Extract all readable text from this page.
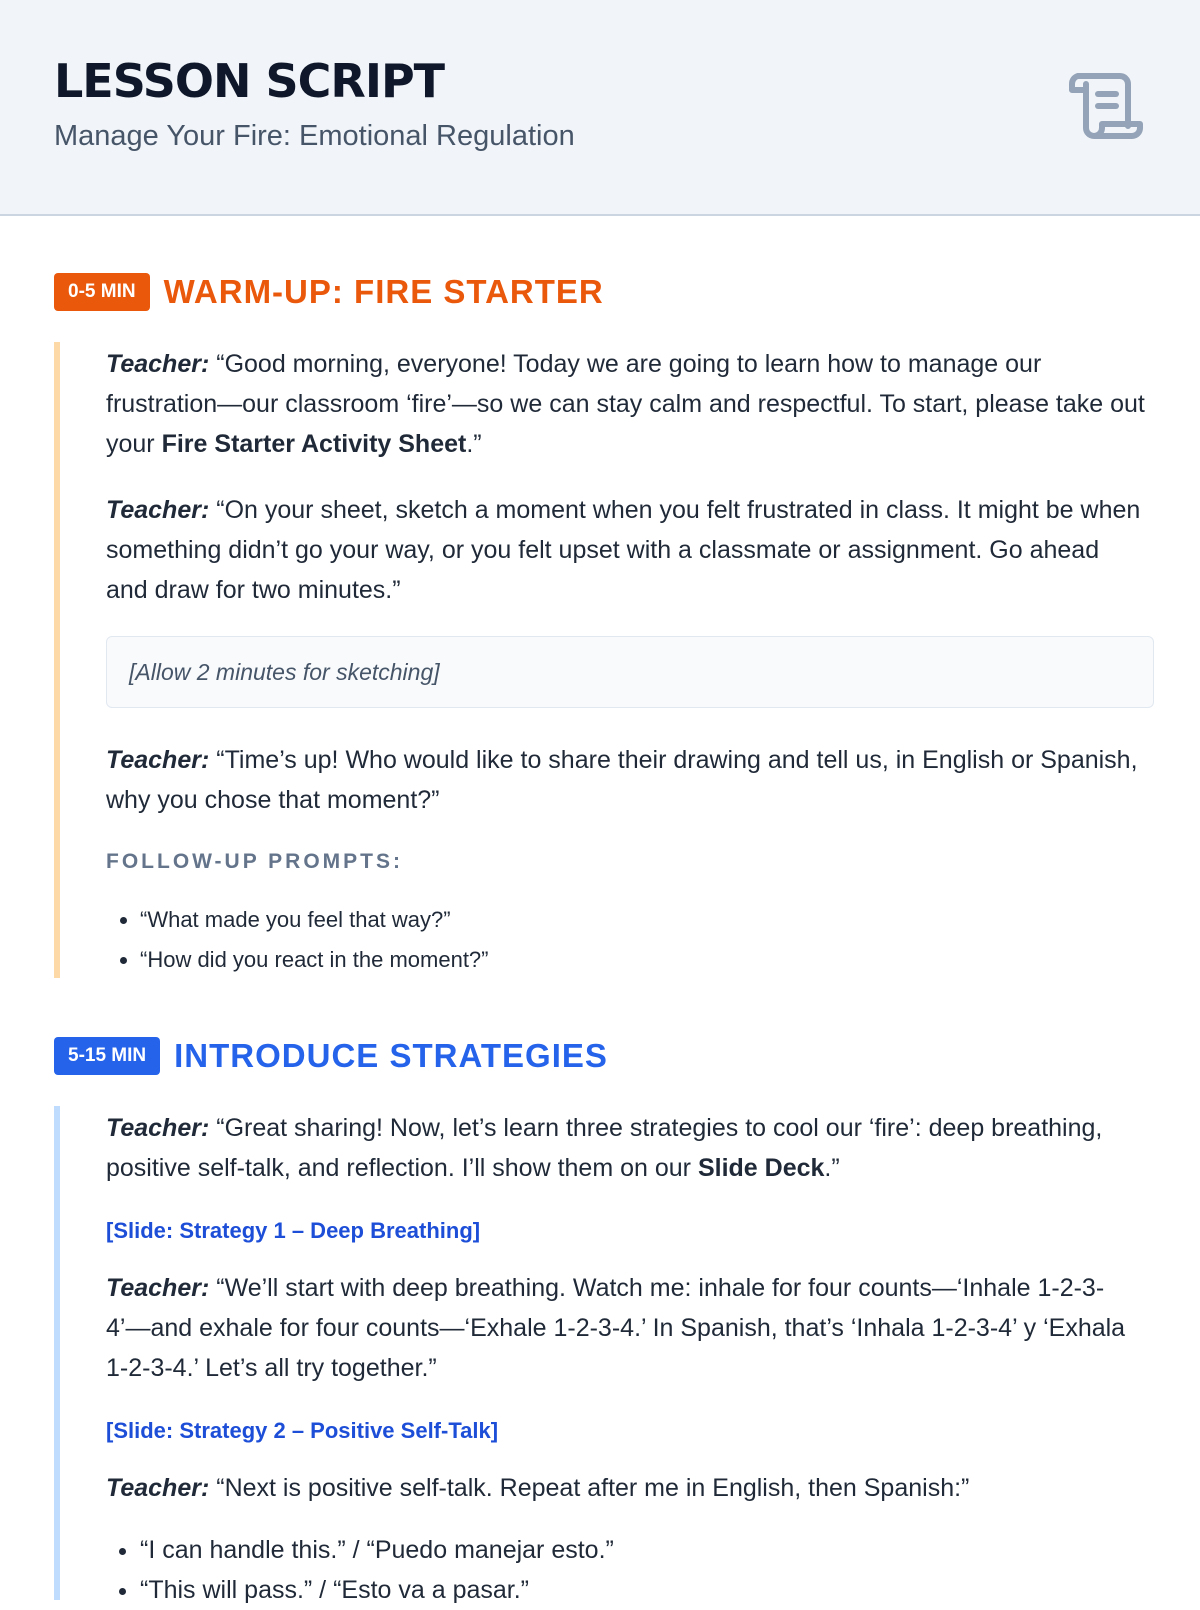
LESSON SCRIPT
Manage Your Fire: Emotional Regulation
0-5 MIN WARM-UP: FIRE STARTER

Teacher: “Good morning, everyone! Today we are going to learn how to manage our frustration—our classroom ‘fire’—so we can stay calm and respectful. To start, please take out your Fire Starter Activity Sheet.”

Teacher: “On your sheet, sketch a moment when you felt frustrated in class. It might be when something didn’t go your way, or you felt upset with a classmate or assignment. Go ahead and draw for two minutes.”

[Allow 2 minutes for sketching]

Teacher: “Time’s up! Who would like to share their drawing and tell us, in English or Spanish, why you chose that moment?”

FOLLOW-UP PROMPTS:
• “What made you feel that way?”
• “How did you react in the moment?”
5-15 MIN INTRODUCE STRATEGIES

Teacher: “Great sharing! Now, let’s learn three strategies to cool our ‘fire’: deep breathing, positive self-talk, and reflection. I’ll show them on our Slide Deck.”

[Slide: Strategy 1 – Deep Breathing]

Teacher: “We’ll start with deep breathing. Watch me: inhale for four counts—‘Inhale 1-2-3-4’—and exhale for four counts—‘Exhale 1-2-3-4.’ In Spanish, that’s ‘Inhala 1-2-3-4’ y ‘Exhala 1-2-3-4.’ Let’s all try together.”

[Slide: Strategy 2 – Positive Self-Talk]

Teacher: “Next is positive self-talk. Repeat after me in English, then Spanish:”

• “I can handle this.” / “Puedo manejar esto.”
• “This will pass.” / “Esto va a pasar.”
